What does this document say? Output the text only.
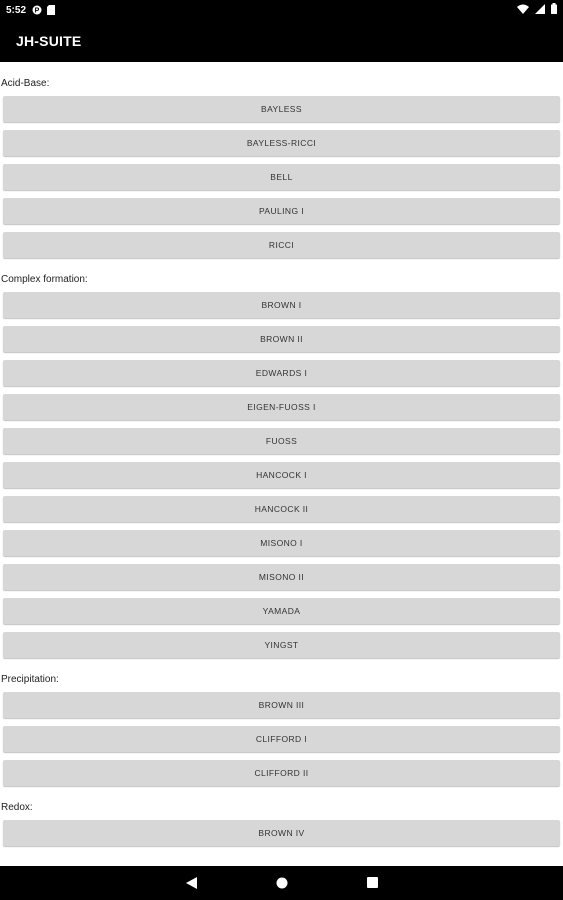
5:52 P
JH-SUITE
Acid-Base:
BAYLESS
BAYLESS-RICCI
BELL
PAULING I
RICCI
Complex formation:
BROWN I
BROWN II
EDWARDS I
EIGEN-FUOSS I
FUOSS
HANCOCK I
HANCOCK II
MISONO I
MISONO II
YAMADA
YINGST
Precipitation:
BROWN III
CLIFFORD I
CLIFFORD II
Redox:
BROWN IV
